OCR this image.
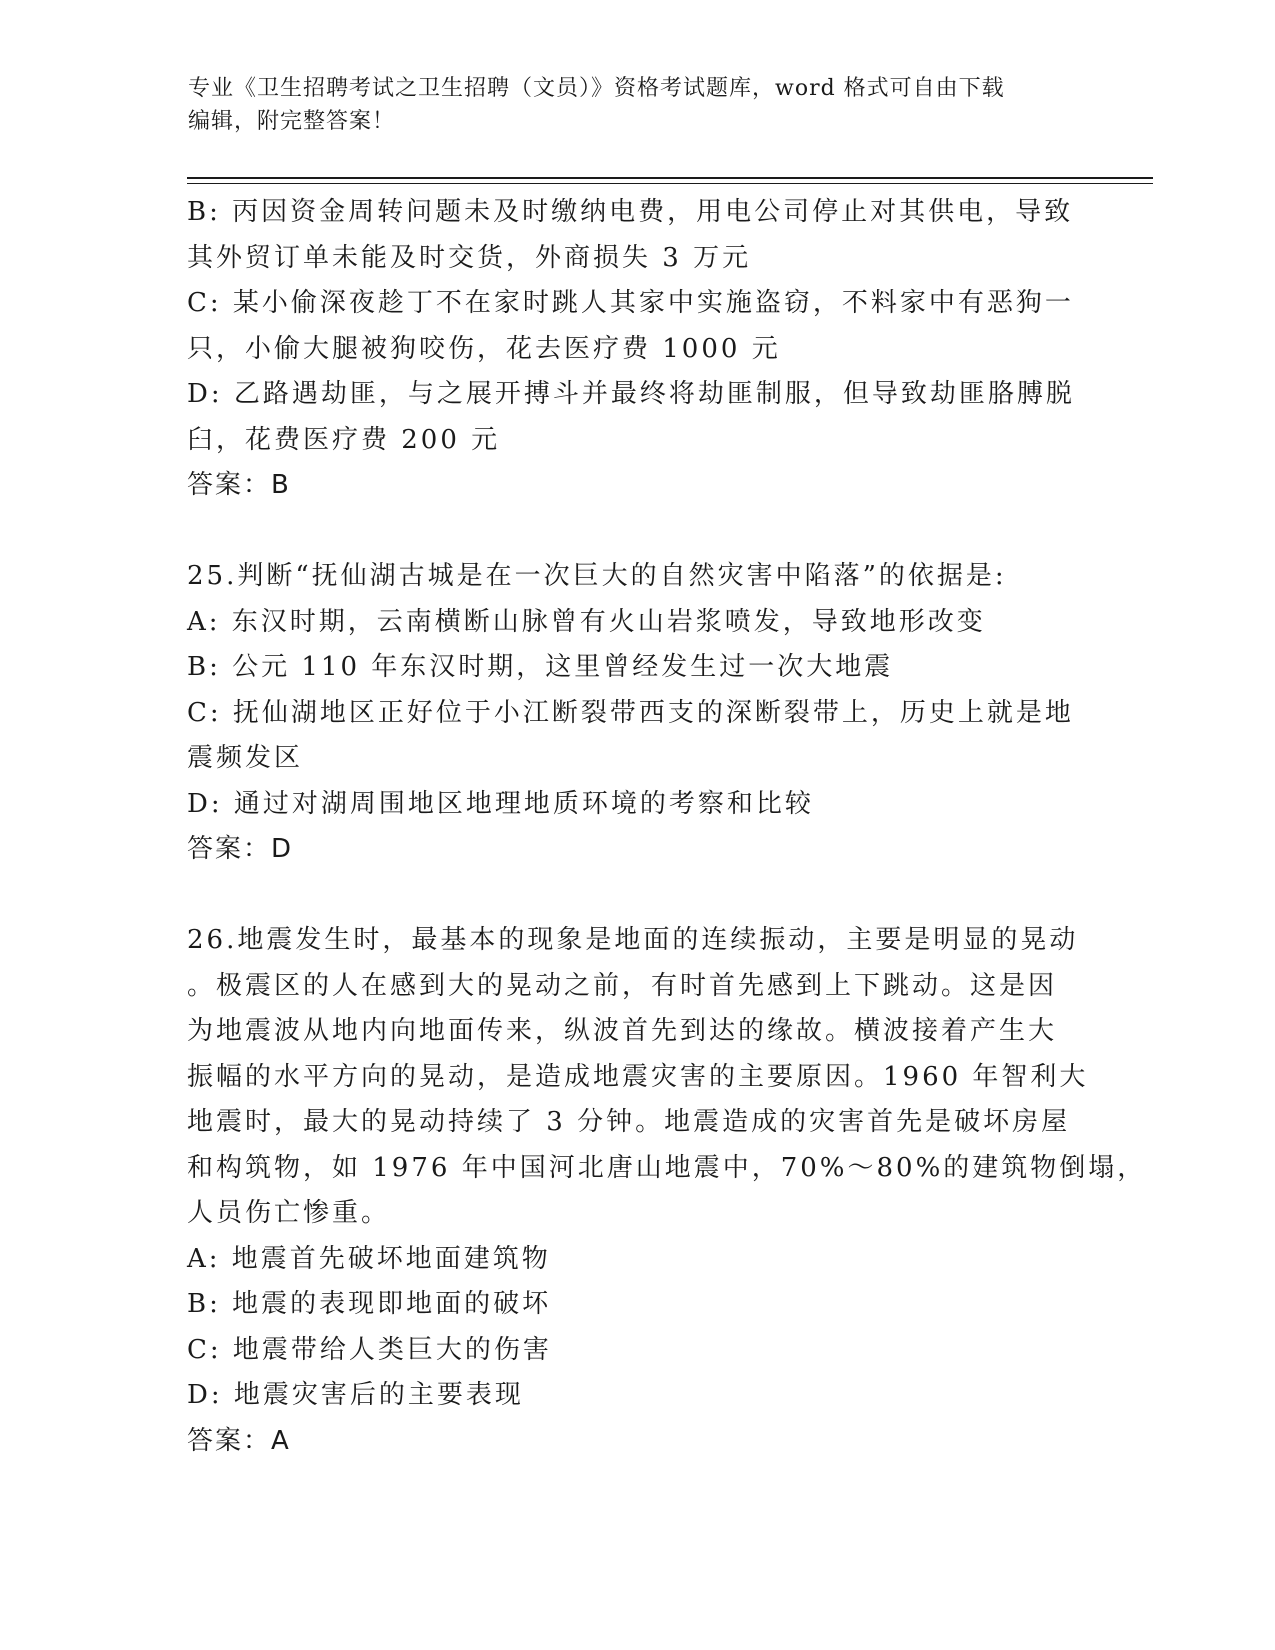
专业《卫生招聘考试之卫生招聘（文员）》资格考试题库，word 格式可自由下载
编辑，附完整答案！
B: 丙因资金周转问题未及时缴纳电费，用电公司停止对其供电，导致
其外贸订单未能及时交货，外商损失 3 万元
C: 某小偷深夜趁丁不在家时跳人其家中实施盗窃，不料家中有恶狗一
只，小偷大腿被狗咬伤，花去医疗费 1000 元
D: 乙路遇劫匪，与之展开搏斗并最终将劫匪制服，但导致劫匪胳膊脱
臼，花费医疗费 200 元
答案：B
25.判断“抚仙湖古城是在一次巨大的自然灾害中陷落”的依据是:
A: 东汉时期，云南横断山脉曾有火山岩浆喷发，导致地形改变
B: 公元 110 年东汉时期，这里曾经发生过一次大地震
C: 抚仙湖地区正好位于小江断裂带西支的深断裂带上，历史上就是地
震频发区
D: 通过对湖周围地区地理地质环境的考察和比较
答案：D
26.地震发生时，最基本的现象是地面的连续振动，主要是明显的晃动
。极震区的人在感到大的晃动之前，有时首先感到上下跳动。这是因
为地震波从地内向地面传来，纵波首先到达的缘故。横波接着产生大
振幅的水平方向的晃动，是造成地震灾害的主要原因。1960 年智利大
地震时，最大的晃动持续了 3 分钟。地震造成的灾害首先是破坏房屋
和构筑物，如 1976 年中国河北唐山地震中，70%～80%的建筑物倒塌，
人员伤亡惨重。
A: 地震首先破坏地面建筑物
B: 地震的表现即地面的破坏
C: 地震带给人类巨大的伤害
D: 地震灾害后的主要表现
答案：A
